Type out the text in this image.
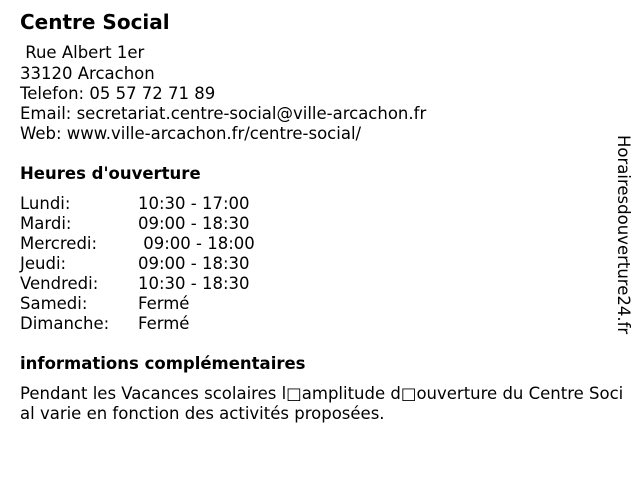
Centre Social
Rue Albert 1er
33120 Arcachon
Telefon: 05 57 72 71 89
Email: secretariat.centre-social@ville-arcachon.fr
Web: www.ville-arcachon.fr/centre-social/
Heures d'ouverture
Lundi:	10:30 - 17:00
Mardi:	09:00 - 18:30
Mercredi: 09:00 - 18:00
Jeudi:	09:00 - 18:30
Vendredi: 10:30 - 18:30
Samedi:	Fermé
Dimanche: Fermé
informations complémentaires
Pendant les Vacances scolaires l□amplitude d□ouverture du Centre Social varie en fonction des activités proposées.
Horairesdouverture24.fr
